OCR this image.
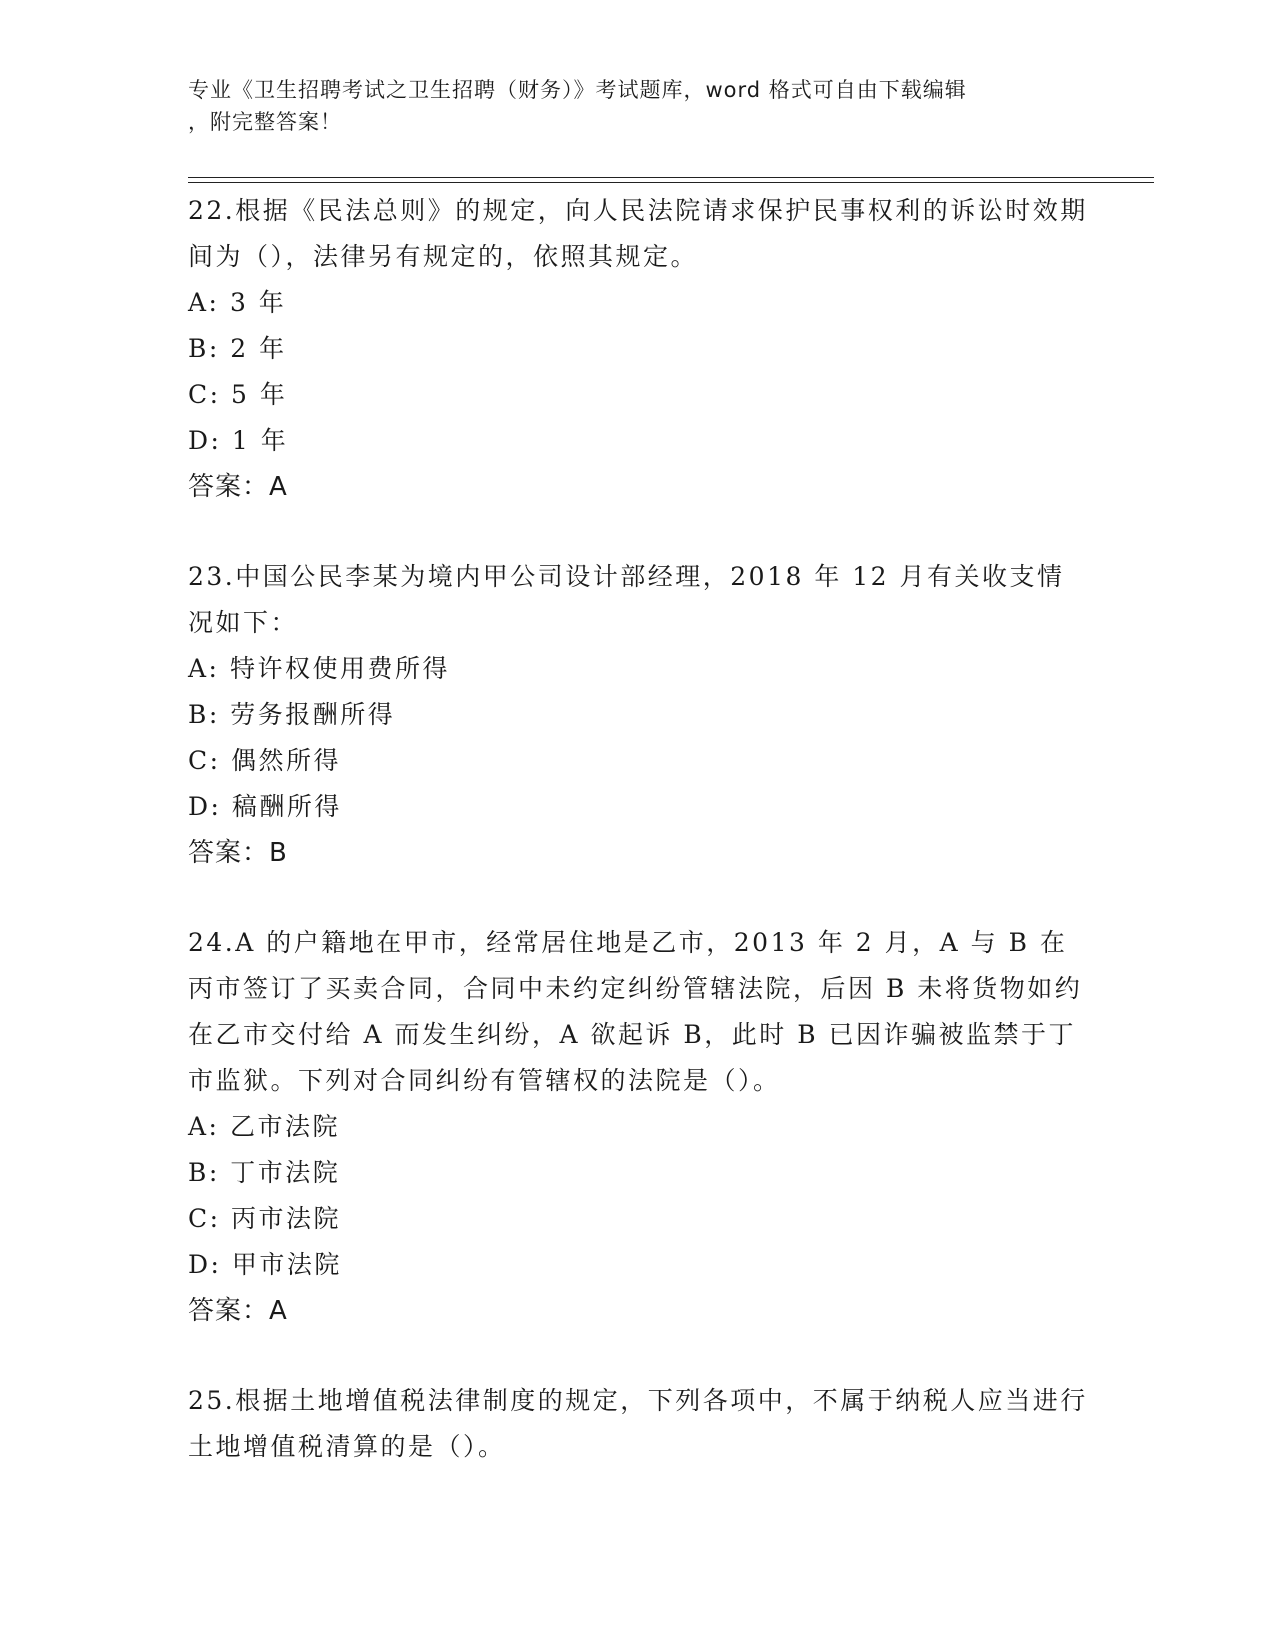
专业《卫生招聘考试之卫生招聘（财务）》考试题库，word 格式可自由下载编辑
，附完整答案！

22.根据《民法总则》的规定，向人民法院请求保护民事权利的诉讼时效期间为（），法律另有规定的，依照其规定。

A:
3 年
B:
2 年
C:
5 年
D:
1 年
答案：A

23.中国公民李某为境内甲公司设计部经理，2018 年 12 月有关收支情况如下：

A:
特许权使用费所得
B:
劳务报酬所得
C:
偶然所得
D:
稿酬所得
答案：B

24.A 的户籍地在甲市，经常居住地是乙市，2013 年 2 月，A 与 B 在丙市签订了买卖合同，合同中未约定纠纷管辖法院，后因 B 未将货物如约在乙市交付给 A 而发生纠纷，A 欲起诉 B，此时 B 已因诈骗被监禁于丁市监狱。下列对合同纠纷有管辖权的法院是（）。

A:
乙市法院
B:
丁市法院
C:
丙市法院
D:
甲市法院
答案：A

25.根据土地增值税法律制度的规定，下列各项中，不属于纳税人应当进行土地增值税清算的是（）。
